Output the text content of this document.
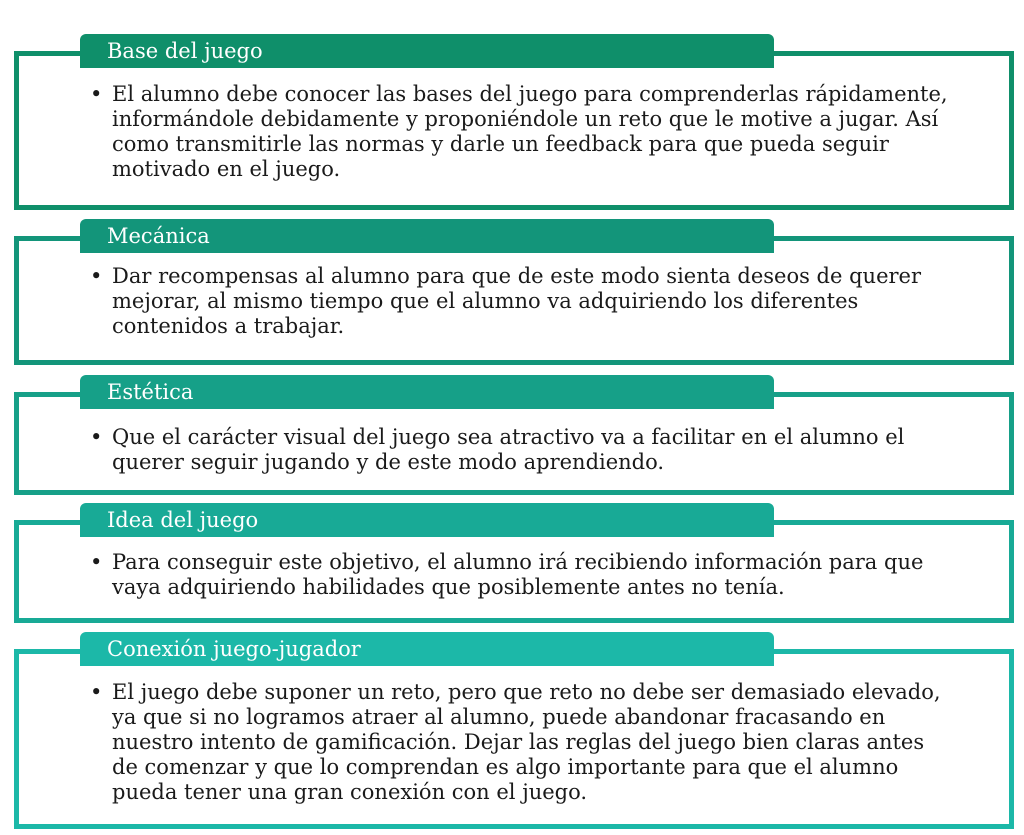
Base del juego
• El alumno debe conocer las bases del juego para comprenderlas rápidamente, informándole debidamente y proponiéndole un reto que le motive a jugar. Así como transmitirle las normas y darle un feedback para que pueda seguir motivado en el juego.
Mecánica
• Dar recompensas al alumno para que de este modo sienta deseos de querer mejorar, al mismo tiempo que el alumno va adquiriendo los diferentes contenidos a trabajar.
Estética
• Que el carácter visual del juego sea atractivo va a facilitar en el alumno el querer seguir jugando y de este modo aprendiendo.
Idea del juego
• Para conseguir este objetivo, el alumno irá recibiendo información para que vaya adquiriendo habilidades que posiblemente antes no tenía.
Conexión juego-jugador
• El juego debe suponer un reto, pero que reto no debe ser demasiado elevado, ya que si no logramos atraer al alumno, puede abandonar fracasando en nuestro intento de gamificación. Dejar las reglas del juego bien claras antes de comenzar y que lo comprendan es algo importante para que el alumno pueda tener una gran conexión con el juego.
